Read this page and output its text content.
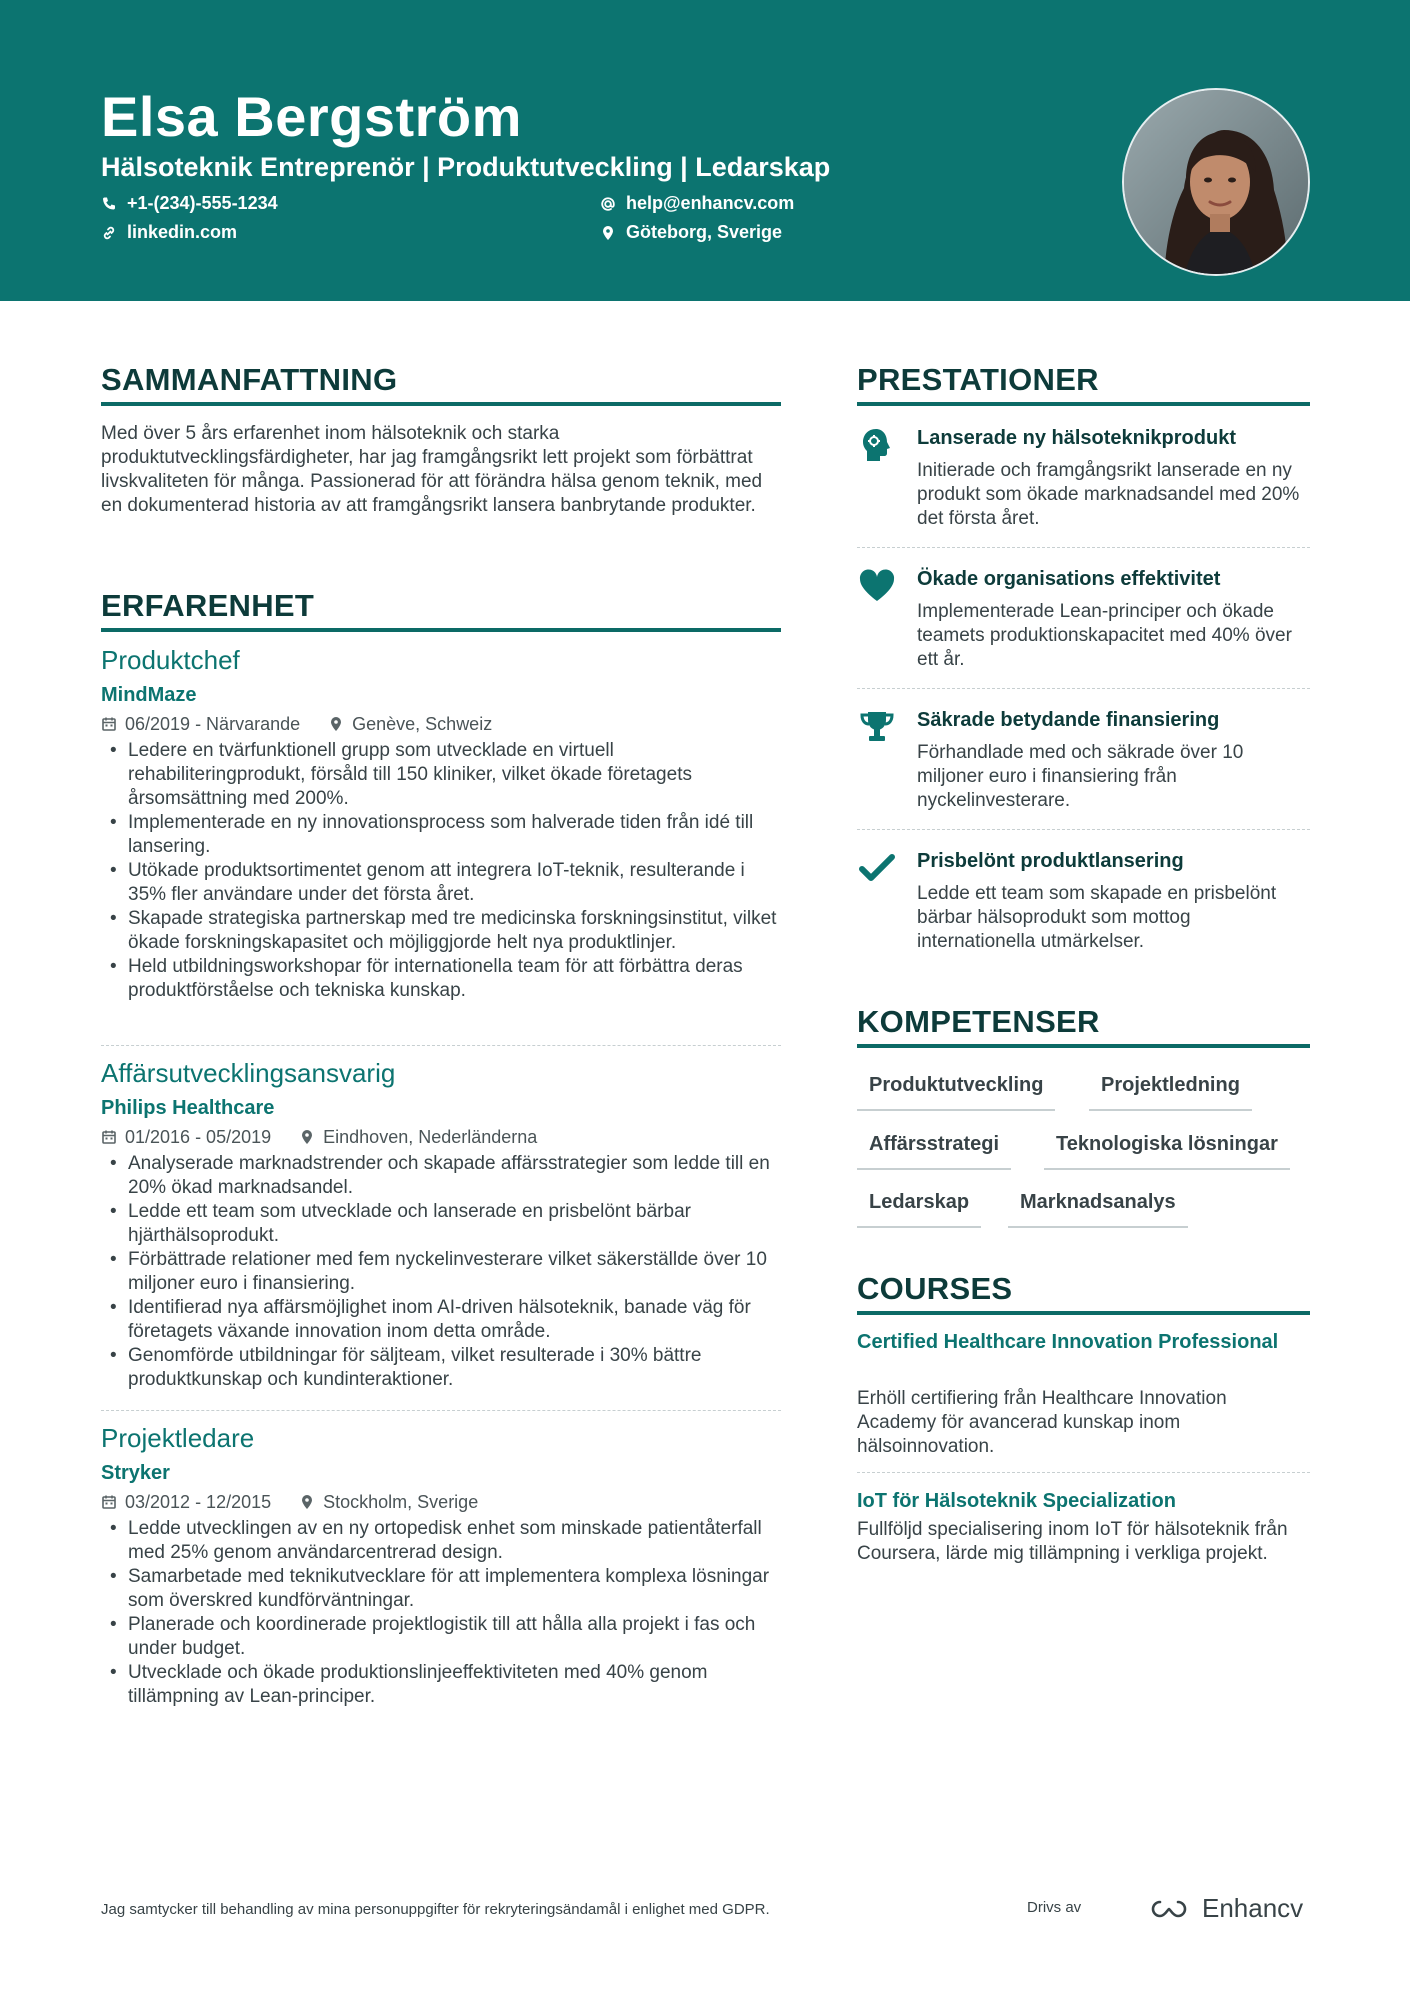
Elsa Bergström
Hälsoteknik Entreprenör | Produktutveckling | Ledarskap
+1-(234)-555-1234	help@enhancv.com
linkedin.com	Göteborg, Sverige
SAMMANFATTNING
Med över 5 års erfarenhet inom hälsoteknik och starka produktutvecklingsfärdigheter, har jag framgångsrikt lett projekt som förbättrat livskvaliteten för många. Passionerad för att förändra hälsa genom teknik, med en dokumenterad historia av att framgångsrikt lansera banbrytande produkter.
ERFARENHET
Produktchef
MindMaze
06/2019 - Närvarande	Genève, Schweiz
• Ledere en tvärfunktionell grupp som utvecklade en virtuell rehabiliteringprodukt, försåld till 150 kliniker, vilket ökade företagets årsomsättning med 200%.
• Implementerade en ny innovationsprocess som halverade tiden från idé till lansering.
• Utökade produktsortimentet genom att integrera IoT-teknik, resulterande i 35% fler användare under det första året.
• Skapade strategiska partnerskap med tre medicinska forskningsinstitut, vilket ökade forskningskapasitet och möjliggjorde helt nya produktlinjer.
• Held utbildningsworkshopar för internationella team för att förbättra deras produktförståelse och tekniska kunskap.
Affärsutvecklingsansvarig
Philips Healthcare
01/2016 - 05/2019	Eindhoven, Nederländerna
• Analyserade marknadstrender och skapade affärsstrategier som ledde till en 20% ökad marknadsandel.
• Ledde ett team som utvecklade och lanserade en prisbelönt bärbar hjärthälsoprodukt.
• Förbättrade relationer med fem nyckelinvesterare vilket säkerställde över 10 miljoner euro i finansiering.
• Identifierad nya affärsmöjlighet inom AI-driven hälsoteknik, banade väg för företagets växande innovation inom detta område.
• Genomförde utbildningar för säljteam, vilket resulterade i 30% bättre produktkunskap och kundinteraktioner.
Projektledare
Stryker
03/2012 - 12/2015	Stockholm, Sverige
• Ledde utvecklingen av en ny ortopedisk enhet som minskade patientåterfall med 25% genom användarcentrerad design.
• Samarbetade med teknikutvecklare för att implementera komplexa lösningar som överskred kundförväntningar.
• Planerade och koordinerade projektlogistik till att hålla alla projekt i fas och under budget.
• Utvecklade och ökade produktionslinjeeffektiviteten med 40% genom tillämpning av Lean-principer.
PRESTATIONER
Lanserade ny hälsoteknikprodukt
Initierade och framgångsrikt lanserade en ny produkt som ökade marknadsandel med 20% det första året.
Ökade organisations effektivitet
Implementerade Lean-principer och ökade teamets produktionskapacitet med 40% över ett år.
Säkrade betydande finansiering
Förhandlade med och säkrade över 10 miljoner euro i finansiering från nyckelinvesterare.
Prisbelönt produktlansering
Ledde ett team som skapade en prisbelönt bärbar hälsoprodukt som mottog internationella utmärkelser.
KOMPETENSER
Produktutveckling	Projektledning
Affärsstrategi	Teknologiska lösningar
Ledarskap	Marknadsanalys
COURSES
Certified Healthcare Innovation Professional
Erhöll certifiering från Healthcare Innovation Academy för avancerad kunskap inom hälsoinnovation.
IoT för Hälsoteknik Specialization
Fullföljd specialisering inom IoT för hälsoteknik från Coursera, lärde mig tillämpning i verkliga projekt.
Jag samtycker till behandling av mina personuppgifter för rekryteringsändamål i enlighet med GDPR.	Drivs av	Enhancv
